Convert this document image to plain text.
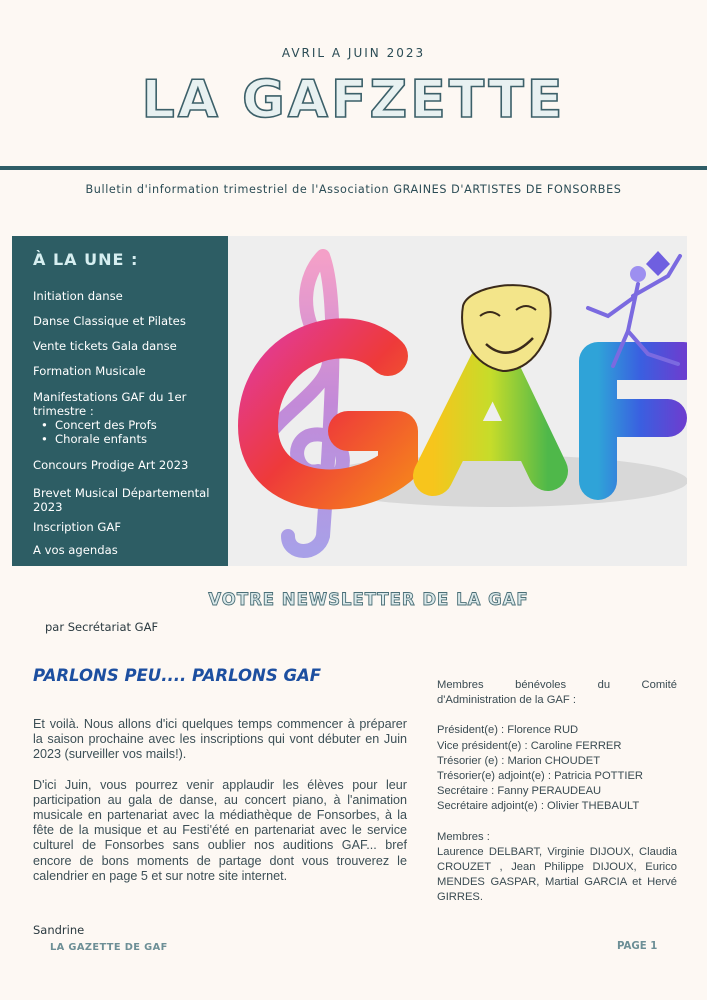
AVRIL A JUIN 2023
LA GAFZETTE
Bulletin d'information trimestriel de l'Association GRAINES D'ARTISTES DE FONSORBES
À LA UNE :
Initiation danse
Danse Classique et Pilates
Vente tickets Gala danse
Formation Musicale
Manifestations GAF du 1er trimestre :
• Concert des Profs
• Chorale enfants
Concours Prodige Art 2023
Brevet Musical Départemental 2023
Inscription GAF
A vos agendas
VOTRE NEWSLETTER DE LA GAF
par Secrétariat GAF
PARLONS PEU.... PARLONS GAF

Et voilà. Nous allons d'ici quelques temps commencer à préparer la saison prochaine avec les inscriptions qui vont débuter en Juin 2023 (surveiller vos mails!).

D'ici Juin, vous pourrez venir applaudir les élèves pour leur participation au gala de danse, au concert piano, à l'animation musicale en partenariat avec la médiathèque de Fonsorbes, à la fête de la musique et au Festi'été en partenariat avec le service culturel de Fonsorbes sans oublier nos auditions GAF... bref encore de bons moments de partage dont vous trouverez le calendrier en page 5 et sur notre site internet.

Sandrine
Membres bénévoles du Comité
d'Administration de la GAF :
Président(e) : Florence RUD
Vice président(e) : Caroline FERRER
Trésorier (e) : Marion CHOUDET
Trésorier(e) adjoint(e) : Patricia POTTIER
Secrétaire : Fanny PERAUDEAU
Secrétaire adjoint(e) : Olivier THEBAULT
Membres :
Laurence DELBART, Virginie DIJOUX, Claudia CROUZET , Jean Philippe DIJOUX, Eurico MENDES GASPAR, Martial GARCIA et Hervé GIRRES.
LA GAZETTE DE GAF	PAGE 1
